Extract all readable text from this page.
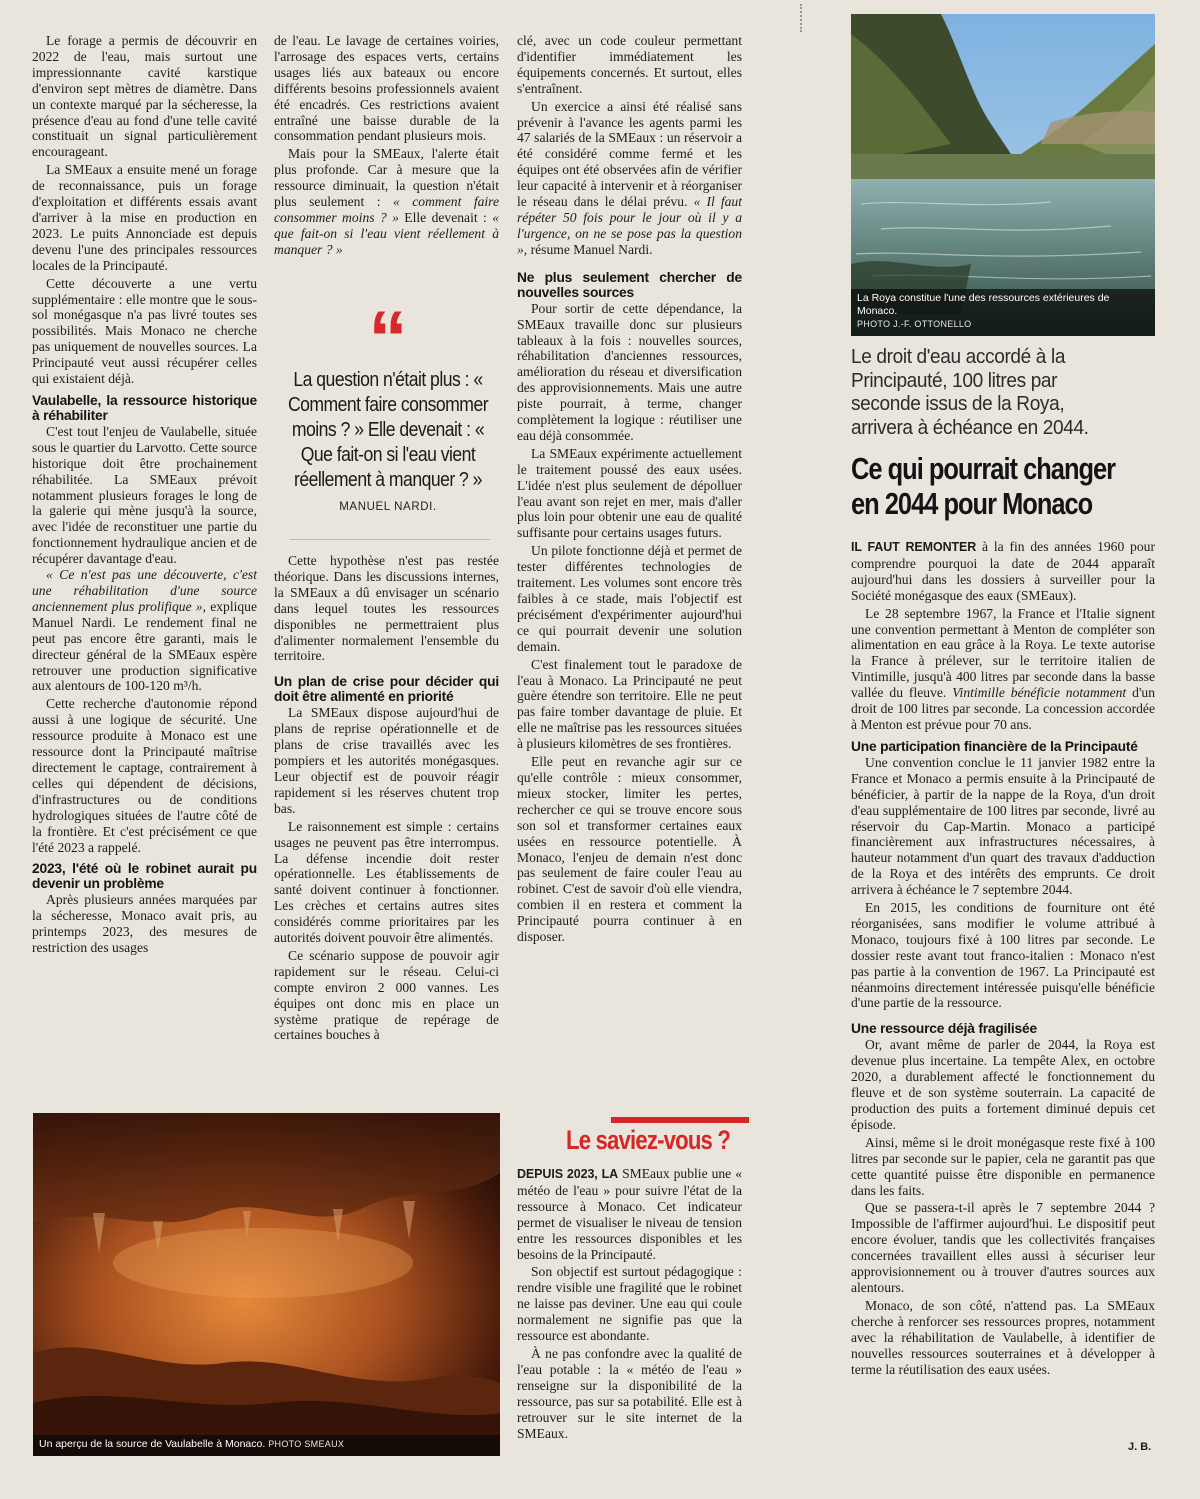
Le forage a permis de découvrir en 2022 de l'eau, mais surtout une impressionnante cavité karstique d'environ sept mètres de diamètre. Dans un contexte marqué par la sécheresse, la présence d'eau au fond d'une telle cavité constituait un signal particulièrement encourageant.

La SMEaux a ensuite mené un forage de reconnaissance, puis un forage d'exploitation et différents essais avant d'arriver à la mise en production en 2023. Le puits Annonciade est depuis devenu l'une des principales ressources locales de la Principauté.

Cette découverte a une vertu supplémentaire : elle montre que le sous-sol monégasque n'a pas livré toutes ses possibilités. Mais Monaco ne cherche pas uniquement de nouvelles sources. La Principauté veut aussi récupérer celles qui existaient déjà.

Vaulabelle, la ressource historique à réhabiliter

C'est tout l'enjeu de Vaulabelle, située sous le quartier du Larvotto. Cette source historique doit être prochainement réhabilitée. La SMEaux prévoit notamment plusieurs forages le long de la galerie qui mène jusqu'à la source, avec l'idée de reconstituer une partie du fonctionnement hydraulique ancien et de récupérer davantage d'eau.

« Ce n'est pas une découverte, c'est une réhabilitation d'une source anciennement plus prolifique », explique Manuel Nardi. Le rendement final ne peut pas encore être garanti, mais le directeur général de la SMEaux espère retrouver une production significative aux alentours de 100-120 m³/h.

Cette recherche d'autonomie répond aussi à une logique de sécurité. Une ressource produite à Monaco est une ressource dont la Principauté maîtrise directement le captage, contrairement à celles qui dépendent de décisions, d'infrastructures ou de conditions hydrologiques situées de l'autre côté de la frontière. Et c'est précisément ce que l'été 2023 a rappelé.

2023, l'été où le robinet aurait pu devenir un problème

Après plusieurs années marquées par la sécheresse, Monaco avait pris, au printemps 2023, des mesures de restriction des usages

de l'eau. Le lavage de certaines voiries, l'arrosage des espaces verts, certains usages liés aux bateaux ou encore différents besoins professionnels avaient été encadrés. Ces restrictions avaient entraîné une baisse durable de la consommation pendant plusieurs mois.

Mais pour la SMEaux, l'alerte était plus profonde. Car à mesure que la ressource diminuait, la question n'était plus seulement : « comment faire consommer moins ? » Elle devenait : « que fait-on si l'eau vient réellement à manquer ? »

“
La question n'était plus : « Comment faire consommer moins ? » Elle devenait : « Que fait-on si l'eau vient réellement à manquer ? »
MANUEL NARDI.

Cette hypothèse n'est pas restée théorique. Dans les discussions internes, la SMEaux a dû envisager un scénario dans lequel toutes les ressources disponibles ne permettraient plus d'alimenter normalement l'ensemble du territoire.

Un plan de crise pour décider qui doit être alimenté en priorité

La SMEaux dispose aujourd'hui de plans de reprise opérationnelle et de plans de crise travaillés avec les pompiers et les autorités monégasques. Leur objectif est de pouvoir réagir rapidement si les réserves chutent trop bas.

Le raisonnement est simple : certains usages ne peuvent pas être interrompus. La défense incendie doit rester opérationnelle. Les établissements de santé doivent continuer à fonctionner. Les crèches et certains autres sites considérés comme prioritaires par les autorités doivent pouvoir être alimentés.

Ce scénario suppose de pouvoir agir rapidement sur le réseau. Celui-ci compte environ 2 000 vannes. Les équipes ont donc mis en place un système pratique de repérage de certaines bouches à

clé, avec un code couleur permettant d'identifier immédiatement les équipements concernés. Et surtout, elles s'entraînent.

Un exercice a ainsi été réalisé sans prévenir à l'avance les agents parmi les 47 salariés de la SMEaux : un réservoir a été considéré comme fermé et les équipes ont été observées afin de vérifier leur capacité à intervenir et à réorganiser le réseau dans le délai prévu. « Il faut répéter 50 fois pour le jour où il y a l'urgence, on ne se pose pas la question », résume Manuel Nardi.

Ne plus seulement chercher de nouvelles sources

Pour sortir de cette dépendance, la SMEaux travaille donc sur plusieurs tableaux à la fois : nouvelles sources, réhabilitation d'anciennes ressources, amélioration du réseau et diversification des approvisionnements. Mais une autre piste pourrait, à terme, changer complètement la logique : réutiliser une eau déjà consommée.

La SMEaux expérimente actuellement le traitement poussé des eaux usées. L'idée n'est plus seulement de dépolluer l'eau avant son rejet en mer, mais d'aller plus loin pour obtenir une eau de qualité suffisante pour certains usages futurs.

Un pilote fonctionne déjà et permet de tester différentes technologies de traitement. Les volumes sont encore très faibles à ce stade, mais l'objectif est précisément d'expérimenter aujourd'hui ce qui pourrait devenir une solution demain.

C'est finalement tout le paradoxe de l'eau à Monaco. La Principauté ne peut guère étendre son territoire. Elle ne peut pas faire tomber davantage de pluie. Et elle ne maîtrise pas les ressources situées à plusieurs kilomètres de ses frontières.

Elle peut en revanche agir sur ce qu'elle contrôle : mieux consommer, mieux stocker, limiter les pertes, rechercher ce qui se trouve encore sous son sol et transformer certaines eaux usées en ressource potentielle. À Monaco, l'enjeu de demain n'est donc pas seulement de faire couler l'eau au robinet. C'est de savoir d'où elle viendra, combien il en restera et comment la Principauté pourra continuer à en disposer.

Le saviez-vous ?

DEPUIS 2023, LA SMEaux publie une « météo de l'eau » pour suivre l'état de la ressource à Monaco. Cet indicateur permet de visualiser le niveau de tension entre les ressources disponibles et les besoins de la Principauté.

Son objectif est surtout pédagogique : rendre visible une fragilité que le robinet ne laisse pas deviner. Une eau qui coule normalement ne signifie pas que la ressource est abondante.

À ne pas confondre avec la qualité de l'eau potable : la « météo de l'eau » renseigne sur la disponibilité de la ressource, pas sur sa potabilité. Elle est à retrouver sur le site internet de la SMEaux.

Un aperçu de la source de Vaulabelle à Monaco. PHOTO SMEAUX
La Roya constitue l'une des ressources extérieures de Monaco.
PHOTO J.-F. OTTONELLO
Le droit d'eau accordé à la
Principauté, 100 litres par
seconde issus de la Roya,
arrivera à échéance en 2044.
Ce qui pourrait changer
en 2044 pour Monaco

IL FAUT REMONTER à la fin des années 1960 pour comprendre pourquoi la date de 2044 apparaît aujourd'hui dans les dossiers à surveiller pour la Société monégasque des eaux (SMEaux).

Le 28 septembre 1967, la France et l'Italie signent une convention permettant à Menton de compléter son alimentation en eau grâce à la Roya. Le texte autorise la France à prélever, sur le territoire italien de Vintimille, jusqu'à 400 litres par seconde dans la basse vallée du fleuve. Vintimille bénéficie notamment d'un droit de 100 litres par seconde. La concession accordée à Menton est prévue pour 70 ans.

Une participation financière de la Principauté

Une convention conclue le 11 janvier 1982 entre la France et Monaco a permis ensuite à la Principauté de bénéficier, à partir de la nappe de la Roya, d'un droit d'eau supplémentaire de 100 litres par seconde, livré au réservoir du Cap-Martin. Monaco a participé financièrement aux infrastructures nécessaires, à hauteur notamment d'un quart des travaux d'adduction de la Roya et des intérêts des emprunts. Ce droit arrivera à échéance le 7 septembre 2044.

En 2015, les conditions de fourniture ont été réorganisées, sans modifier le volume attribué à Monaco, toujours fixé à 100 litres par seconde. Le dossier reste avant tout franco-italien : Monaco n'est pas partie à la convention de 1967. La Principauté est néanmoins directement intéressée puisqu'elle bénéficie d'une partie de la ressource.

Une ressource déjà fragilisée

Or, avant même de parler de 2044, la Roya est devenue plus incertaine. La tempête Alex, en octobre 2020, a durablement affecté le fonctionnement du fleuve et de son système souterrain. La capacité de production des puits a fortement diminué depuis cet épisode.

Ainsi, même si le droit monégasque reste fixé à 100 litres par seconde sur le papier, cela ne garantit pas que cette quantité puisse être disponible en permanence dans les faits.

Que se passera-t-il après le 7 septembre 2044 ? Impossible de l'affirmer aujourd'hui. Le dispositif peut encore évoluer, tandis que les collectivités françaises concernées travaillent elles aussi à sécuriser leur approvisionnement ou à trouver d'autres sources aux alentours.

Monaco, de son côté, n'attend pas. La SMEaux cherche à renforcer ses ressources propres, notamment avec la réhabilitation de Vaulabelle, à identifier de nouvelles ressources souterraines et à développer à terme la réutilisation des eaux usées.

J. B.
